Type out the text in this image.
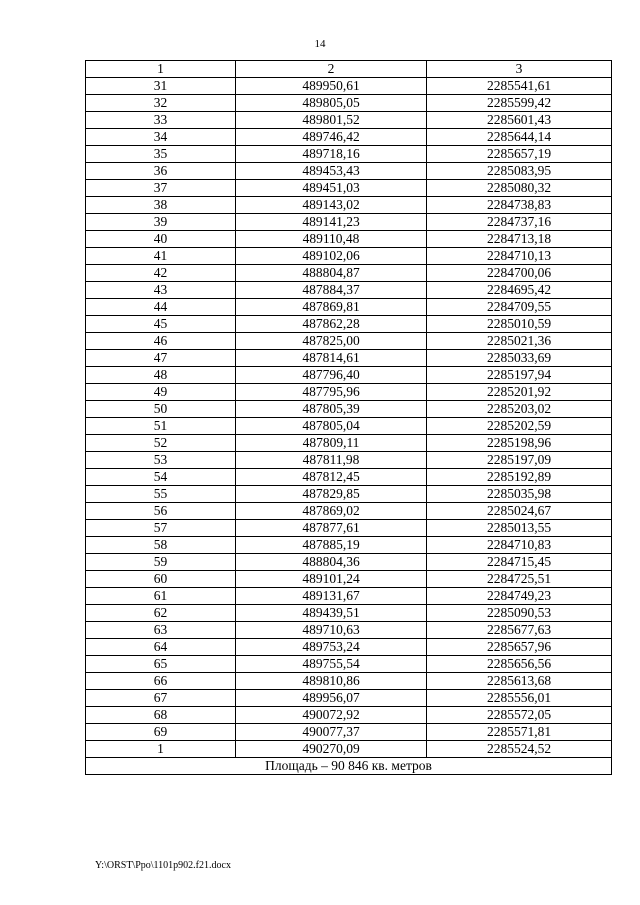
14
1	2	3
31	489950,61	2285541,61
32	489805,05	2285599,42
33	489801,52	2285601,43
34	489746,42	2285644,14
35	489718,16	2285657,19
36	489453,43	2285083,95
37	489451,03	2285080,32
38	489143,02	2284738,83
39	489141,23	2284737,16
40	489110,48	2284713,18
41	489102,06	2284710,13
42	488804,87	2284700,06
43	487884,37	2284695,42
44	487869,81	2284709,55
45	487862,28	2285010,59
46	487825,00	2285021,36
47	487814,61	2285033,69
48	487796,40	2285197,94
49	487795,96	2285201,92
50	487805,39	2285203,02
51	487805,04	2285202,59
52	487809,11	2285198,96
53	487811,98	2285197,09
54	487812,45	2285192,89
55	487829,85	2285035,98
56	487869,02	2285024,67
57	487877,61	2285013,55
58	487885,19	2284710,83
59	488804,36	2284715,45
60	489101,24	2284725,51
61	489131,67	2284749,23
62	489439,51	2285090,53
63	489710,63	2285677,63
64	489753,24	2285657,96
65	489755,54	2285656,56
66	489810,86	2285613,68
67	489956,07	2285556,01
68	490072,92	2285572,05
69	490077,37	2285571,81
1	490270,09	2285524,52
Площадь – 90 846 кв. метров		
Y:\ORST\Ppo\1101p902.f21.docx
